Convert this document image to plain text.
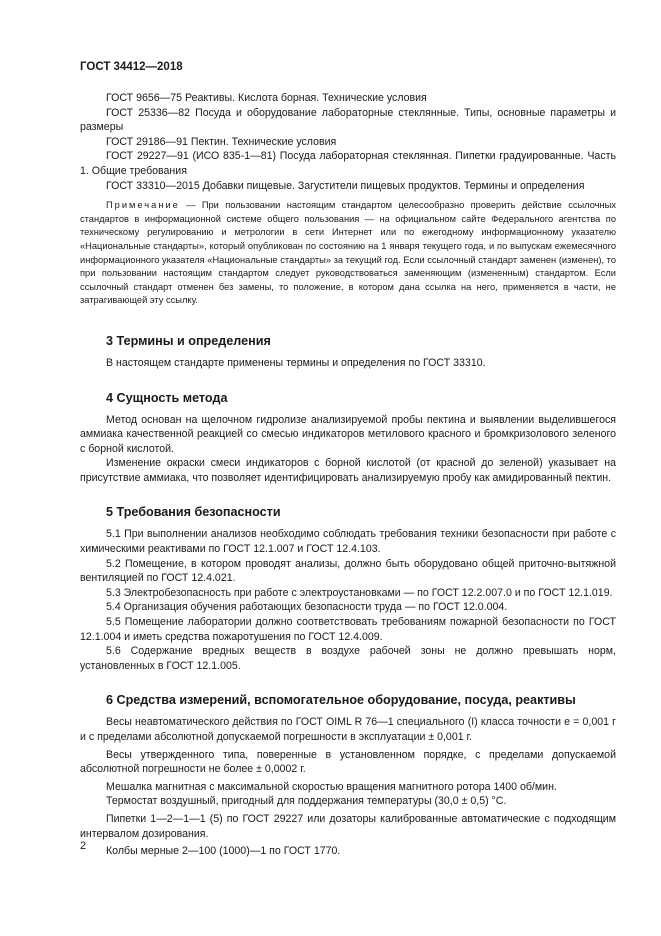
ГОСТ 34412—2018

ГОСТ 9656—75 Реактивы. Кислота борная. Технические условия

ГОСТ 25336—82 Посуда и оборудование лабораторные стеклянные. Типы, основные параметры и размеры

ГОСТ 29186—91 Пектин. Технические условия

ГОСТ 29227—91 (ИСО 835-1—81) Посуда лабораторная стеклянная. Пипетки градуированные. Часть 1. Общие требования

ГОСТ 33310—2015 Добавки пищевые. Загустители пищевых продуктов. Термины и определения

Примечание — При пользовании настоящим стандартом целесообразно проверить действие ссылочных стандартов в информационной системе общего пользования — на официальном сайте Федерального агентства по техническому регулированию и метрологии в сети Интернет или по ежегодному информационному указателю «Национальные стандарты», который опубликован по состоянию на 1 января текущего года, и по выпускам ежемесячного информационного указателя «Национальные стандарты» за текущий год. Если ссылочный стандарт заменен (изменен), то при пользовании настоящим стандартом следует руководствоваться заменяющим (измененным) стандартом. Если ссылочный стандарт отменен без замены, то положение, в котором дана ссылка на него, применяется в части, не затрагивающей эту ссылку.

3 Термины и определения

В настоящем стандарте применены термины и определения по ГОСТ 33310.

4 Сущность метода

Метод основан на щелочном гидролизе анализируемой пробы пектина и выявлении выделившегося аммиака качественной реакцией со смесью индикаторов метилового красного и бромкризолового зеленого с борной кислотой.

Изменение окраски смеси индикаторов с борной кислотой (от красной до зеленой) указывает на присутствие аммиака, что позволяет идентифицировать анализируемую пробу как амидированный пектин.

5 Требования безопасности

5.1 При выполнении анализов необходимо соблюдать требования техники безопасности при работе с химическими реактивами по ГОСТ 12.1.007 и ГОСТ 12.4.103.

5.2 Помещение, в котором проводят анализы, должно быть оборудовано общей приточно-вытяжной вентиляцией по ГОСТ 12.4.021.

5.3 Электробезопасность при работе с электроустановками — по ГОСТ 12.2.007.0 и по ГОСТ 12.1.019.

5.4 Организация обучения работающих безопасности труда — по ГОСТ 12.0.004.

5.5 Помещение лаборатории должно соответствовать требованиям пожарной безопасности по ГОСТ 12.1.004 и иметь средства пожаротушения по ГОСТ 12.4.009.

5.6 Содержание вредных веществ в воздухе рабочей зоны не должно превышать норм, установленных в ГОСТ 12.1.005.

6 Средства измерений, вспомогательное оборудование, посуда, реактивы

Весы неавтоматического действия по ГОСТ OIML R 76—1 специального (I) класса точности e = 0,001 г и с пределами абсолютной допускаемой погрешности в эксплуатации ± 0,001 г.

Весы утвержденного типа, поверенные в установленном порядке, с пределами допускаемой абсолютной погрешности не более ± 0,0002 г.

Мешалка магнитная с максимальной скоростью вращения магнитного ротора 1400 об/мин.

Термостат воздушный, пригодный для поддержания температуры (30,0 ± 0,5) °С.

Пипетки 1—2—1—1 (5) по ГОСТ 29227 или дозаторы калиброванные автоматические с подходящим интервалом дозирования.

Колбы мерные 2—100 (1000)—1 по ГОСТ 1770.

2
